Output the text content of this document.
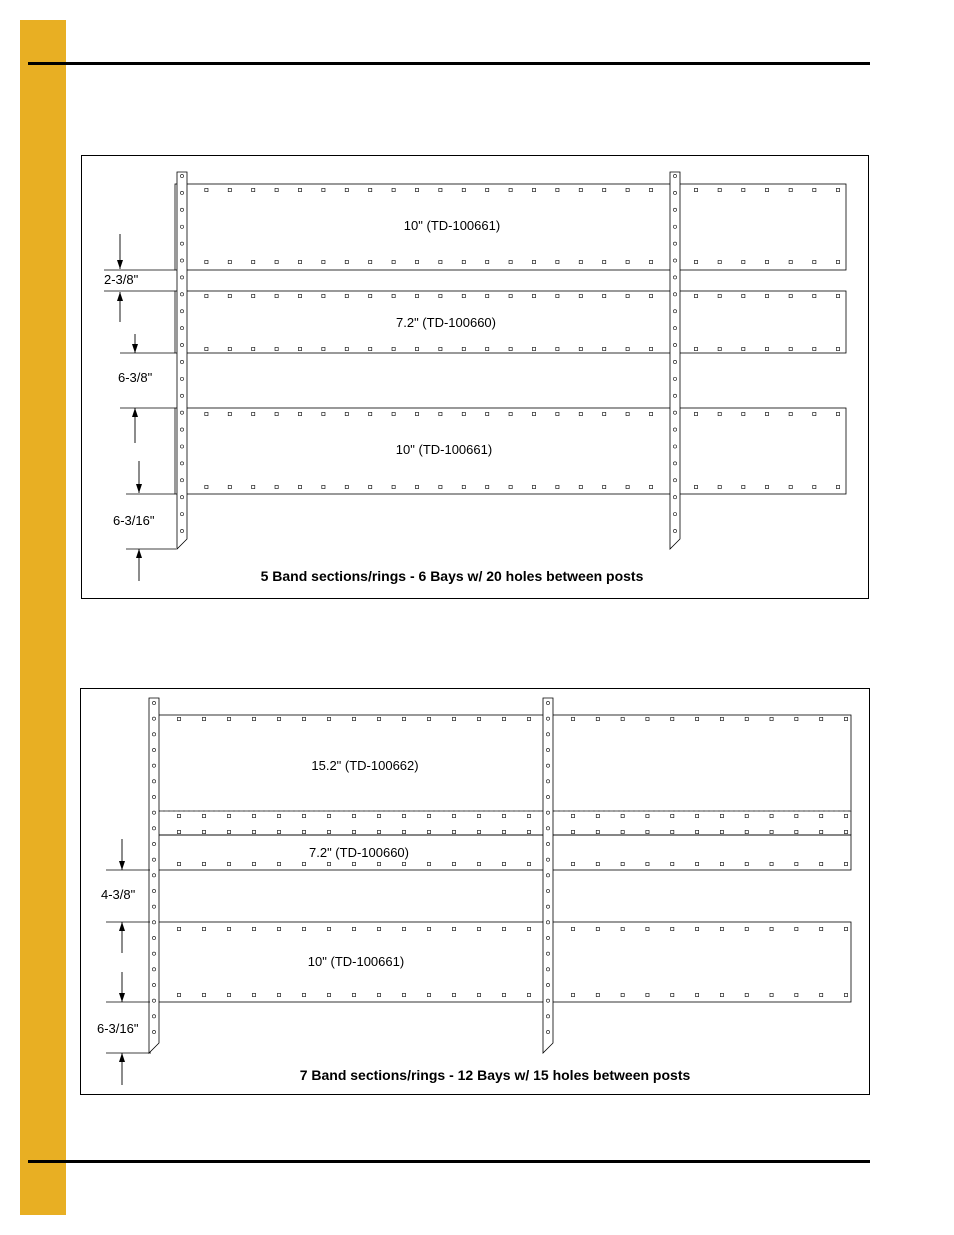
10" (TD-100661)
7.2" (TD-100660)
10" (TD-100661)
2-3/8"
6-3/8"
6-3/16"
5 Band sections/rings - 6 Bays w/ 20 holes between posts
15.2" (TD-100662)
7.2" (TD-100660)
10" (TD-100661)
4-3/8"
6-3/16"
7 Band sections/rings - 12 Bays w/ 15 holes between posts
